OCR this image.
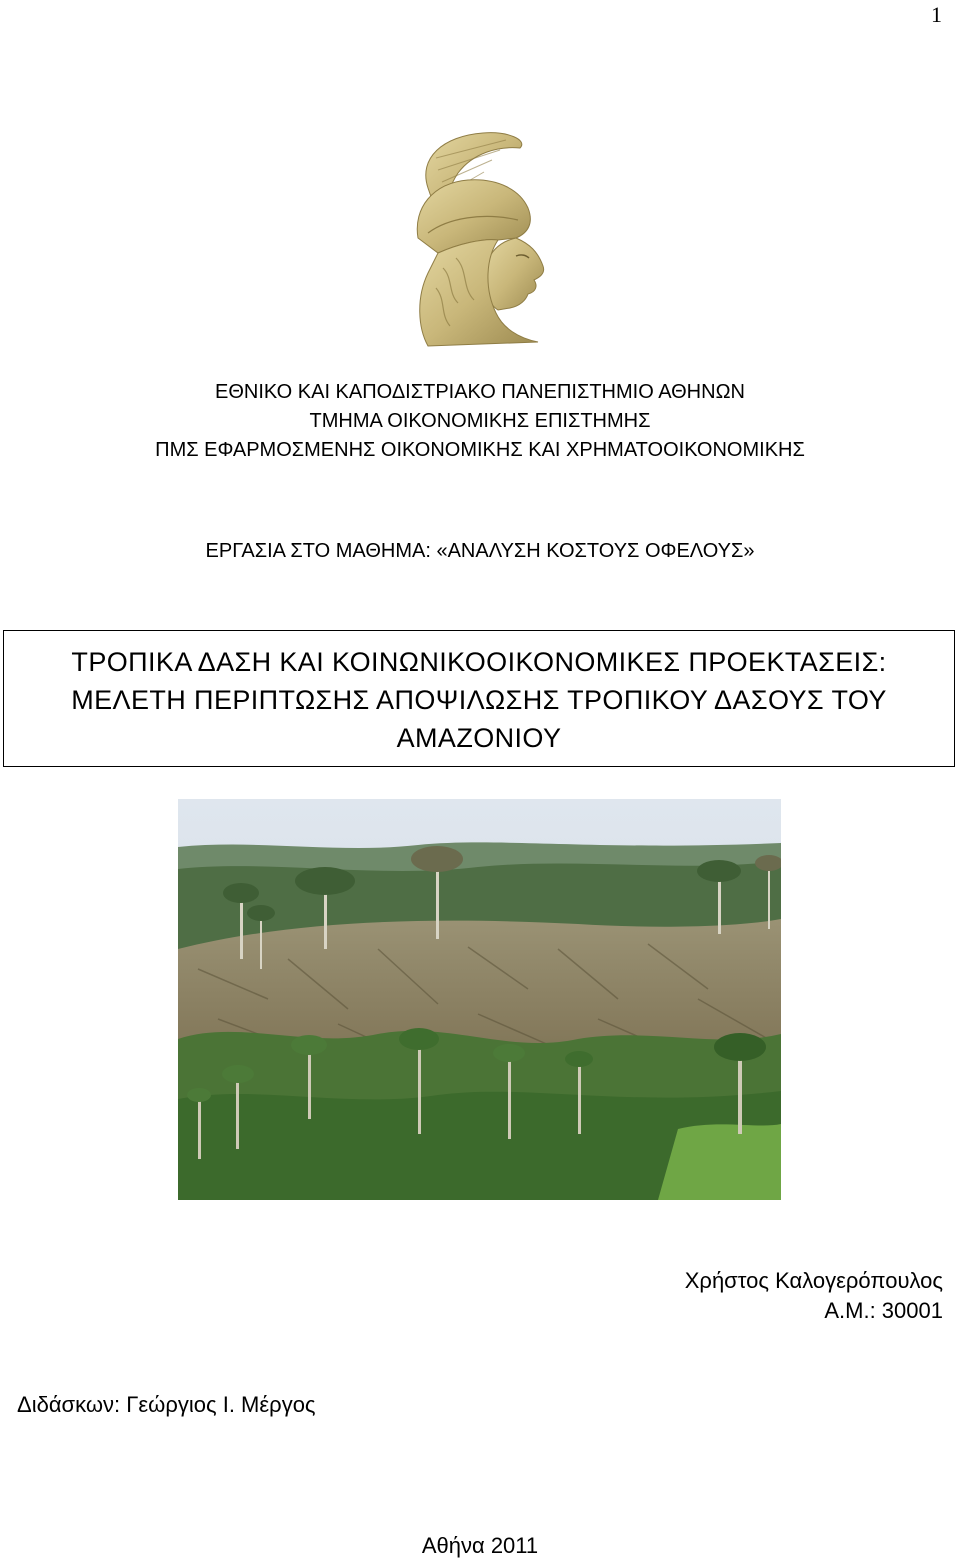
1
ΕΘΝΙΚΟ ΚΑΙ ΚΑΠΟΔΙΣΤΡΙΑΚΟ ΠΑΝΕΠΙΣΤΗΜΙΟ ΑΘΗΝΩΝ
ΤΜΗΜΑ ΟΙΚΟΝΟΜΙΚΗΣ ΕΠΙΣΤΗΜΗΣ
ΠΜΣ ΕΦΑΡΜΟΣΜΕΝΗΣ ΟΙΚΟΝΟΜΙΚΗΣ ΚΑΙ ΧΡΗΜΑΤΟΟΙΚΟΝΟΜΙΚΗΣ
ΕΡΓΑΣΙΑ ΣΤΟ ΜΑΘΗΜΑ: «ΑΝΑΛΥΣΗ ΚΟΣΤΟΥΣ ΟΦΕΛΟΥΣ»
ΤΡΟΠΙΚΑ ΔΑΣΗ ΚΑΙ ΚΟΙΝΩΝΙΚΟΟΙΚΟΝΟΜΙΚΕΣ ΠΡΟΕΚΤΑΣΕΙΣ:
ΜΕΛΕΤΗ ΠΕΡΙΠΤΩΣΗΣ ΑΠΟΨΙΛΩΣΗΣ ΤΡΟΠΙΚΟΥ ΔΑΣΟΥΣ ΤΟΥ
ΑΜΑΖΟΝΙΟΥ
Χρήστος Καλογερόπουλος
Α.Μ.: 30001
Διδάσκων: Γεώργιος Ι. Μέργος
Αθήνα 2011
